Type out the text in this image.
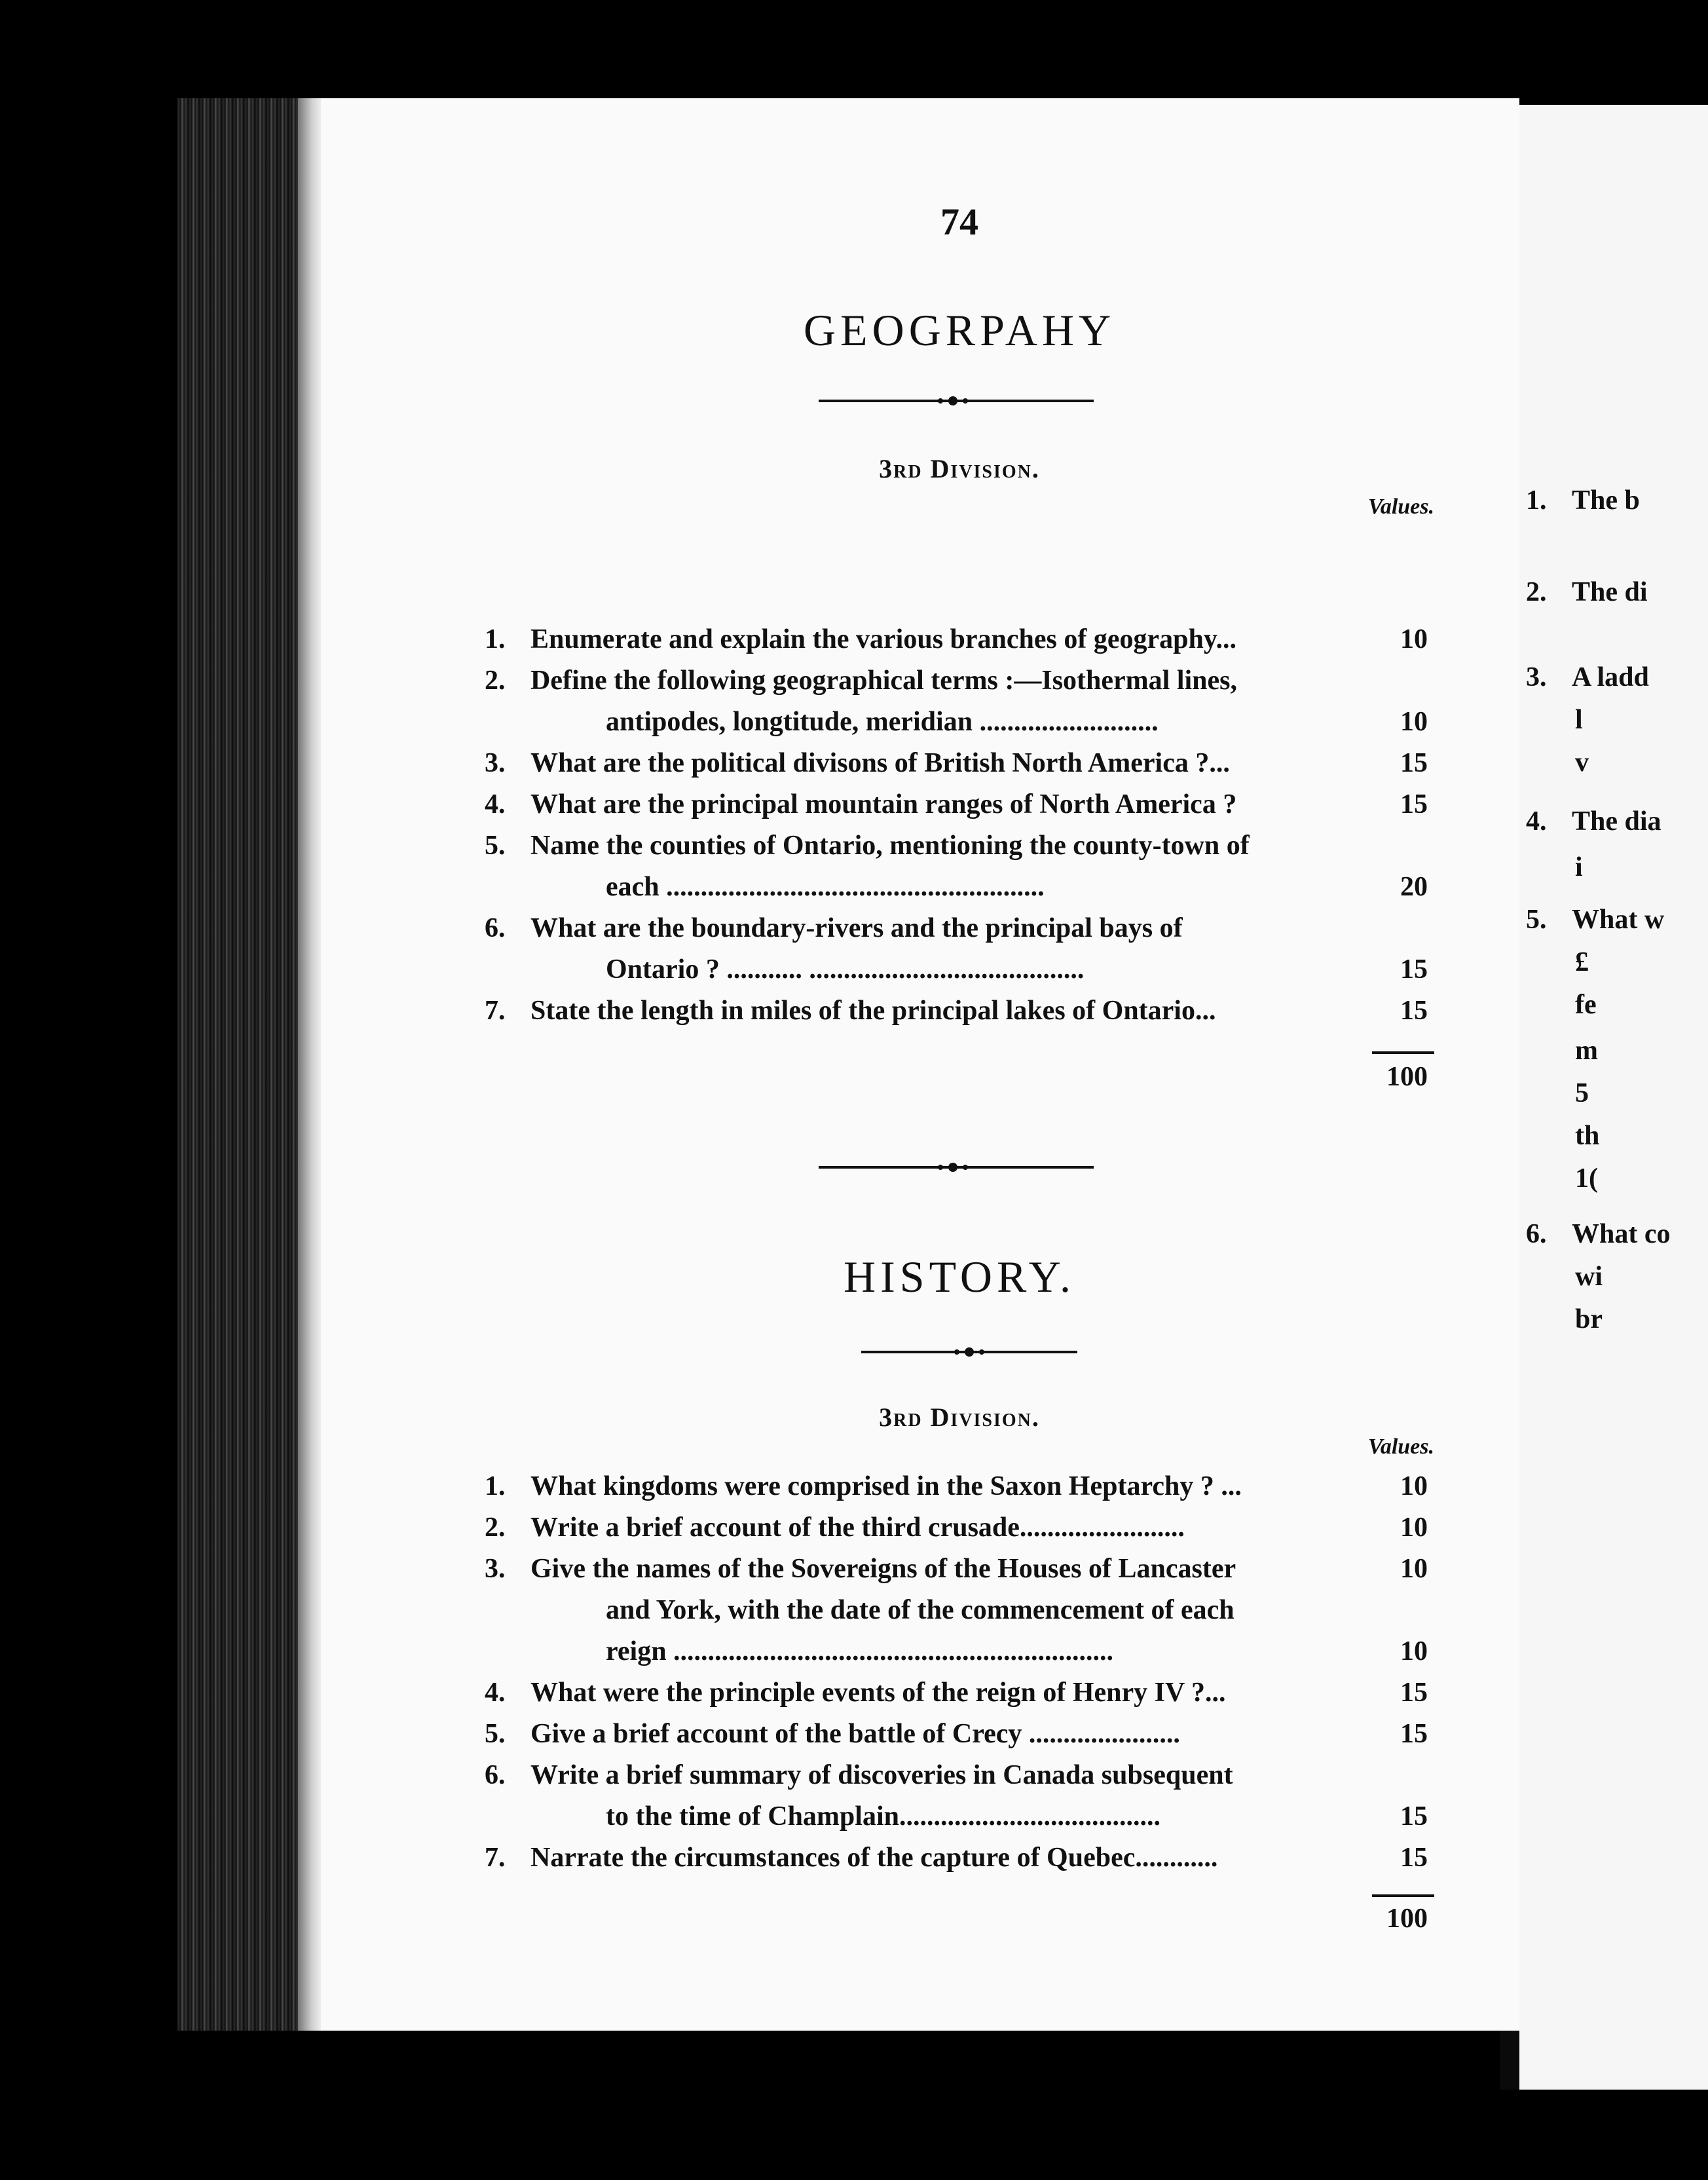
1. The b
2. The di
3. A ladd
l
v
4. The dia
i
5. What w
£
fe
m
5
th
1(
6. What co
wi
br
74
GEOGRPAHY
3rd Division.
Values.
1. Enumerate and explain the various branches of geography...	10
2. Define the following geographical terms :—Isothermal lines,
antipodes, longtitude, meridian ..........................	10
3. What are the political divisons of British North America ?...	15
4. What are the principal mountain ranges of North America ?	15
5. Name the counties of Ontario, mentioning the county-town of
each .......................................................	20
6. What are the boundary-rivers and the principal bays of
Ontario ? ........... ........................................	15
7. State the length in miles of the principal lakes of Ontario...	15
100
HISTORY.
3rd Division.
Values.
1. What kingdoms were comprised in the Saxon Heptarchy ? ...	10
2. Write a brief account of the third crusade........................	10
3. Give the names of the Sovereigns of the Houses of Lancaster	10
and York, with the date of the commencement of each
reign ................................................................	10
4. What were the principle events of the reign of Henry IV ?...	15
5. Give a brief account of the battle of Crecy ......................	15
6. Write a brief summary of discoveries in Canada subsequent
to the time of Champlain......................................	15
7. Narrate the circumstances of the capture of Quebec............	15
100
